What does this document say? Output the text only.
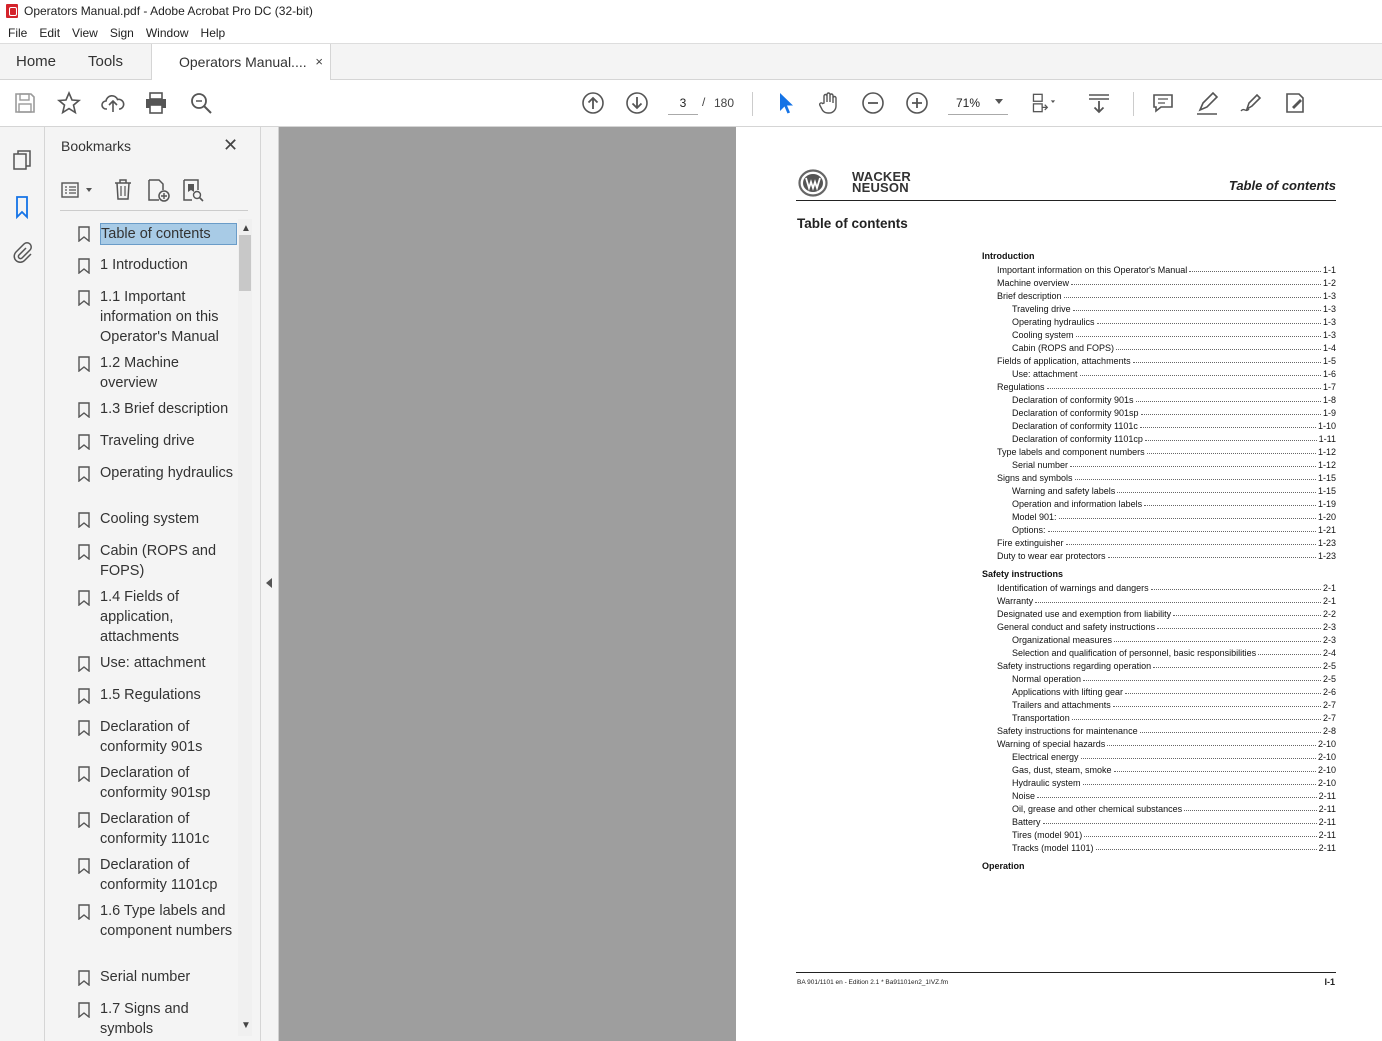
Operators Manual.pdf - Adobe Acrobat Pro DC (32-bit)
File	Edit	View	Sign	Window	Help
Home	Tools	Operators Manual.... ×
3	/ 180	71%
Bookmarks	✕
Table of contents
1 Introduction
1.1 Important information on this Operator's Manual
1.2 Machine overview
1.3 Brief description
Traveling drive
Operating hydraulics
Cooling system
Cabin (ROPS and FOPS)
1.4 Fields of application, attachments
Use: attachment
1.5 Regulations
Declaration of conformity 901s
Declaration of conformity 901sp
Declaration of conformity 1101c
Declaration of conformity 1101cp
1.6 Type labels and component numbers
Serial number
1.7 Signs and symbols
▲
▼
WACKER
NEUSON	Table of contents
Table of contents
Introduction
Important information on this Operator's Manual	1-1
Machine overview	1-2
Brief description	1-3
Traveling drive	1-3
Operating hydraulics	1-3
Cooling system	1-3
Cabin (ROPS and FOPS)	1-4
Fields of application, attachments	1-5
Use: attachment	1-6
Regulations	1-7
Declaration of conformity 901s	1-8
Declaration of conformity 901sp	1-9
Declaration of conformity 1101c	1-10
Declaration of conformity 1101cp	1-11
Type labels and component numbers	1-12
Serial number	1-12
Signs and symbols	1-15
Warning and safety labels	1-15
Operation and information labels	1-19
Model 901:	1-20
Options:	1-21
Fire extinguisher	1-23
Duty to wear ear protectors	1-23
Safety instructions
Identification of warnings and dangers	2-1
Warranty	2-1
Designated use and exemption from liability	2-2
General conduct and safety instructions	2-3
Organizational measures	2-3
Selection and qualification of personnel, basic responsibilities	2-4
Safety instructions regarding operation	2-5
Normal operation	2-5
Applications with lifting gear	2-6
Trailers and attachments	2-7
Transportation	2-7
Safety instructions for maintenance	2-8
Warning of special hazards	2-10
Electrical energy	2-10
Gas, dust, steam, smoke	2-10
Hydraulic system	2-10
Noise	2-11
Oil, grease and other chemical substances	2-11
Battery	2-11
Tires (model 901)	2-11
Tracks (model 1101)	2-11
Operation
BA 901/1101 en - Edition 2.1 * Ba91101en2_1IVZ.fm	I-1
